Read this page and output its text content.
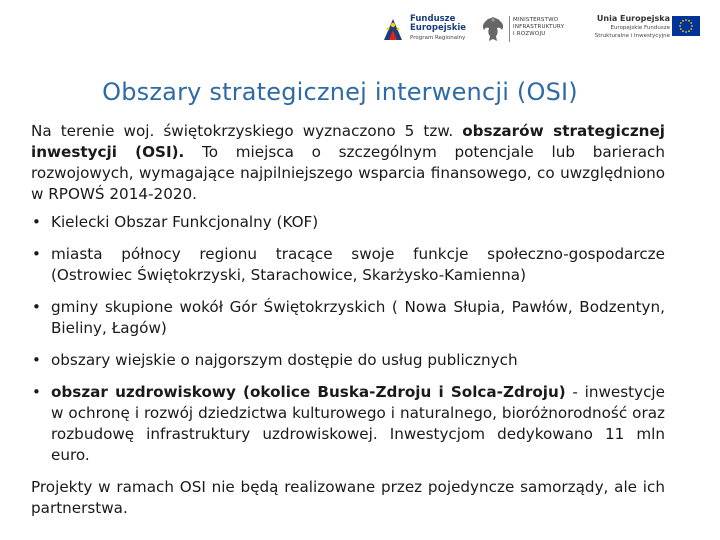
Fundusze
Europejskie
Program Regionalny
MINISTERSTWO
INFRASTRUKTURY
I ROZWOJU
Unia Europejska
Europejskie Fundusze
Strukturalne i Inwestycyjne
Obszary strategicznej interwencji (OSI)

Na terenie woj. świętokrzyskiego wyznaczono 5 tzw. obszarów strategicznej inwestycji (OSI). To miejsca o szczególnym potencjale lub barierach rozwojowych, wymagające najpilniejszego wsparcia finansowego, co uwzględniono w RPOWŚ 2014-2020.

• Kielecki Obszar Funkcjonalny (KOF)
• miasta północy regionu tracące swoje funkcje społeczno-gospodarcze (Ostrowiec Świętokrzyski, Starachowice, Skarżysko-Kamienna)
• gminy skupione wokół Gór Świętokrzyskich ( Nowa Słupia, Pawłów, Bodzentyn, Bieliny, Łagów)
• obszary wiejskie o najgorszym dostępie do usług publicznych
• obszar uzdrowiskowy (okolice Buska-Zdroju i Solca-Zdroju) - inwestycje w ochronę i rozwój dziedzictwa kulturowego i naturalnego, bioróżnorodność oraz rozbudowę infrastruktury uzdrowiskowej. Inwestycjom dedykowano 11 mln euro.

Projekty w ramach OSI nie będą realizowane przez pojedyncze samorządy, ale ich partnerstwa.
